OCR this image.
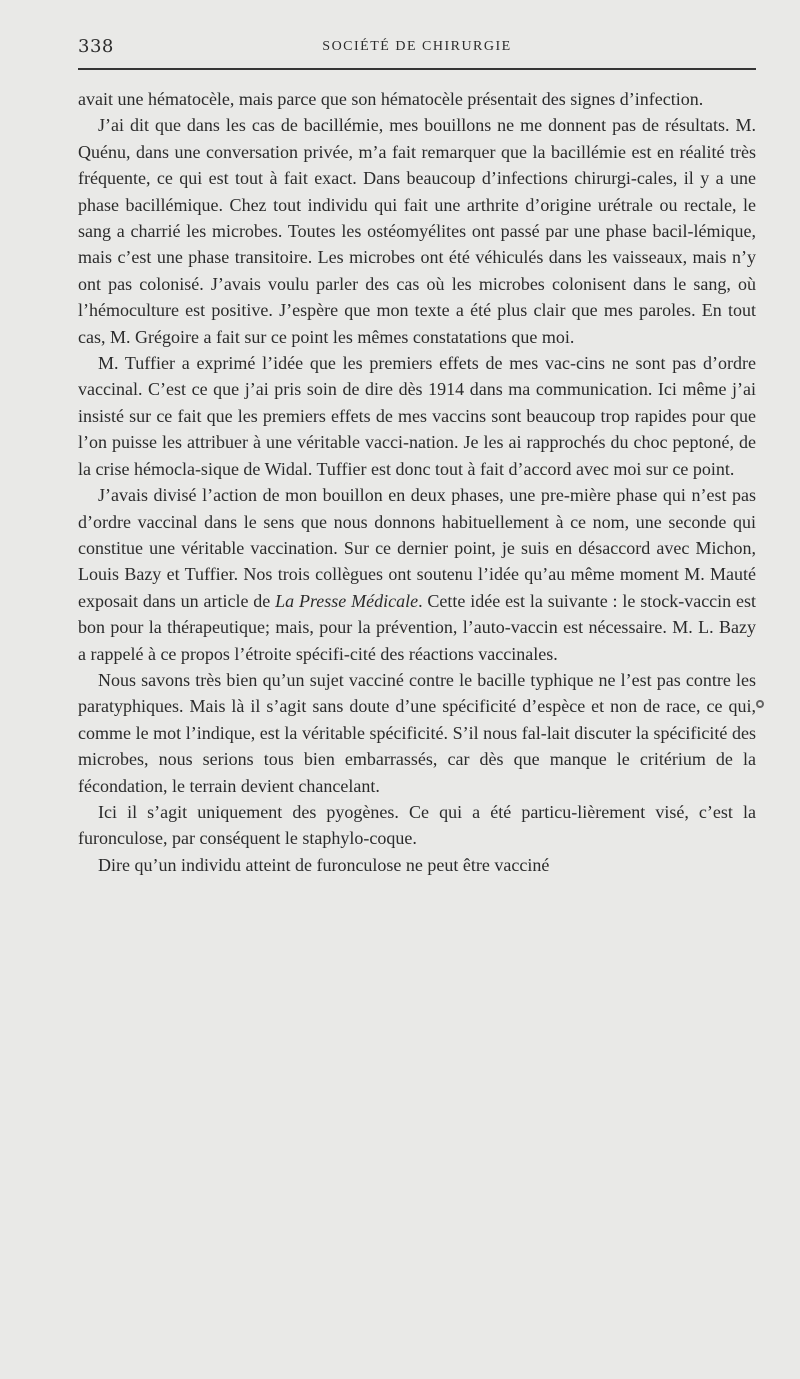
338	SOCIÉTÉ DE CHIRURGIE

avait une hématocèle, mais parce que son hématocèle présentait des signes d’infection.

J’ai dit que dans les cas de bacillémie, mes bouillons ne me donnent pas de résultats. M. Quénu, dans une conversation privée, m’a fait remarquer que la bacillémie est en réalité très fréquente, ce qui est tout à fait exact. Dans beaucoup d’infections chirurgi-cales, il y a une phase bacillémique. Chez tout individu qui fait une arthrite d’origine urétrale ou rectale, le sang a charrié les microbes. Toutes les ostéomyélites ont passé par une phase bacil-lémique, mais c’est une phase transitoire. Les microbes ont été véhiculés dans les vaisseaux, mais n’y ont pas colonisé. J’avais voulu parler des cas où les microbes colonisent dans le sang, où l’hémoculture est positive. J’espère que mon texte a été plus clair que mes paroles. En tout cas, M. Grégoire a fait sur ce point les mêmes constatations que moi.

M. Tuffier a exprimé l’idée que les premiers effets de mes vac-cins ne sont pas d’ordre vaccinal. C’est ce que j’ai pris soin de dire dès 1914 dans ma communication. Ici même j’ai insisté sur ce fait que les premiers effets de mes vaccins sont beaucoup trop rapides pour que l’on puisse les attribuer à une véritable vacci-nation. Je les ai rapprochés du choc peptoné, de la crise hémocla-sique de Widal. Tuffier est donc tout à fait d’accord avec moi sur ce point.

J’avais divisé l’action de mon bouillon en deux phases, une pre-mière phase qui n’est pas d’ordre vaccinal dans le sens que nous donnons habituellement à ce nom, une seconde qui constitue une véritable vaccination. Sur ce dernier point, je suis en désaccord avec Michon, Louis Bazy et Tuffier. Nos trois collègues ont soutenu l’idée qu’au même moment M. Mauté exposait dans un article de La Presse Médicale. Cette idée est la suivante : le stock-vaccin est bon pour la thérapeutique; mais, pour la prévention, l’auto-vaccin est nécessaire. M. L. Bazy a rappelé à ce propos l’étroite spécifi-cité des réactions vaccinales.

Nous savons très bien qu’un sujet vacciné contre le bacille typhique ne l’est pas contre les paratyphiques. Mais là il s’agit sans doute d’une spécificité d’espèce et non de race, ce qui, comme le mot l’indique, est la véritable spécificité. S’il nous fal-lait discuter la spécificité des microbes, nous serions tous bien embarrassés, car dès que manque le critérium de la fécondation, le terrain devient chancelant.

Ici il s’agit uniquement des pyogènes. Ce qui a été particu-lièrement visé, c’est la furonculose, par conséquent le staphylo-coque.

Dire qu’un individu atteint de furonculose ne peut être vacciné
